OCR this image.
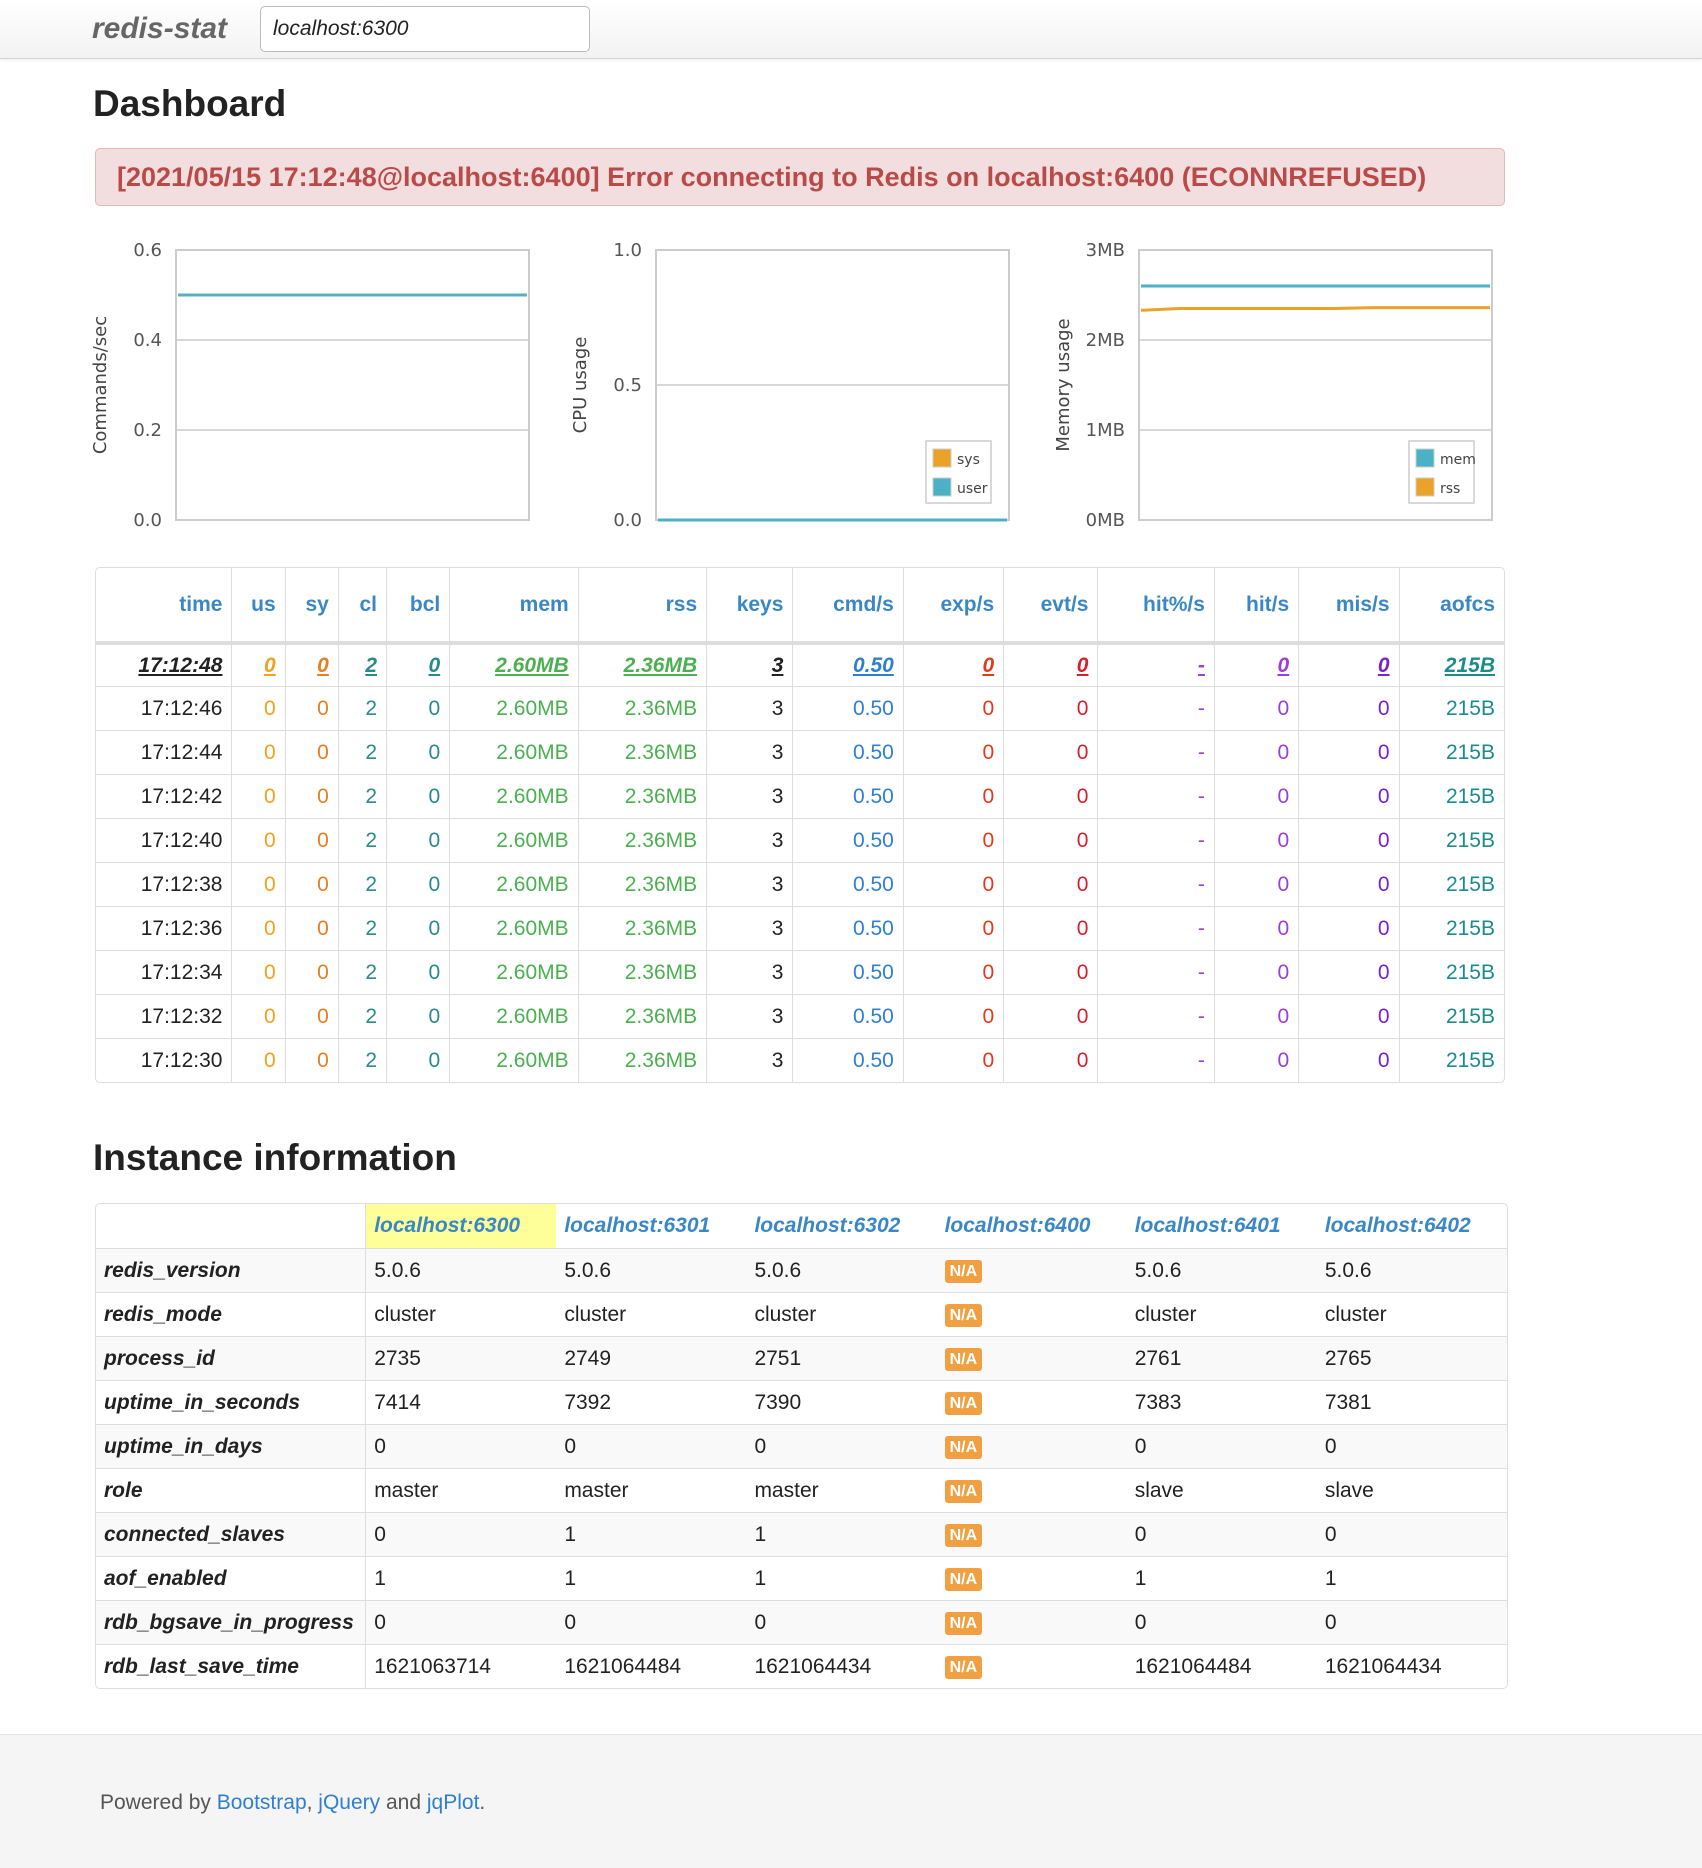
redis-stat
localhost:6300
Dashboard
[2021/05/15 17:12:48@localhost:6400] Error connecting to Redis on localhost:6400 (ECONNREFUSED)
0.0
0.2
0.4
0.6
Commands/sec
0.0
0.5
1.0
CPU usage
sys
user
0MB
1MB
2MB
3MB
Memory usage
mem
rss
time	us	sy	cl	bcl	mem	rss	keys	cmd/s	exp/s	evt/s	hit%/s	hit/s	mis/s	aofcs
17:12:48	0	0	2	0	2.60MB	2.36MB	3	0.50	0	0	-	0	0	215B
17:12:46	0	0	2	0	2.60MB	2.36MB	3	0.50	0	0	-	0	0	215B
17:12:44	0	0	2	0	2.60MB	2.36MB	3	0.50	0	0	-	0	0	215B
17:12:42	0	0	2	0	2.60MB	2.36MB	3	0.50	0	0	-	0	0	215B
17:12:40	0	0	2	0	2.60MB	2.36MB	3	0.50	0	0	-	0	0	215B
17:12:38	0	0	2	0	2.60MB	2.36MB	3	0.50	0	0	-	0	0	215B
17:12:36	0	0	2	0	2.60MB	2.36MB	3	0.50	0	0	-	0	0	215B
17:12:34	0	0	2	0	2.60MB	2.36MB	3	0.50	0	0	-	0	0	215B
17:12:32	0	0	2	0	2.60MB	2.36MB	3	0.50	0	0	-	0	0	215B
17:12:30	0	0	2	0	2.60MB	2.36MB	3	0.50	0	0	-	0	0	215B
Instance information
	localhost:6300	localhost:6301	localhost:6302	localhost:6400	localhost:6401	localhost:6402
redis_version	5.0.6	5.0.6	5.0.6	N/A	5.0.6	5.0.6
redis_mode	cluster	cluster	cluster	N/A	cluster	cluster
process_id	2735	2749	2751	N/A	2761	2765
uptime_in_seconds	7414	7392	7390	N/A	7383	7381
uptime_in_days	0	0	0	N/A	0	0
role	master	master	master	N/A	slave	slave
connected_slaves	0	1	1	N/A	0	0
aof_enabled	1	1	1	N/A	1	1
rdb_bgsave_in_progress	0	0	0	N/A	0	0
rdb_last_save_time	1621063714	1621064484	1621064434	N/A	1621064484	1621064434

Powered by Bootstrap, jQuery and jqPlot.
